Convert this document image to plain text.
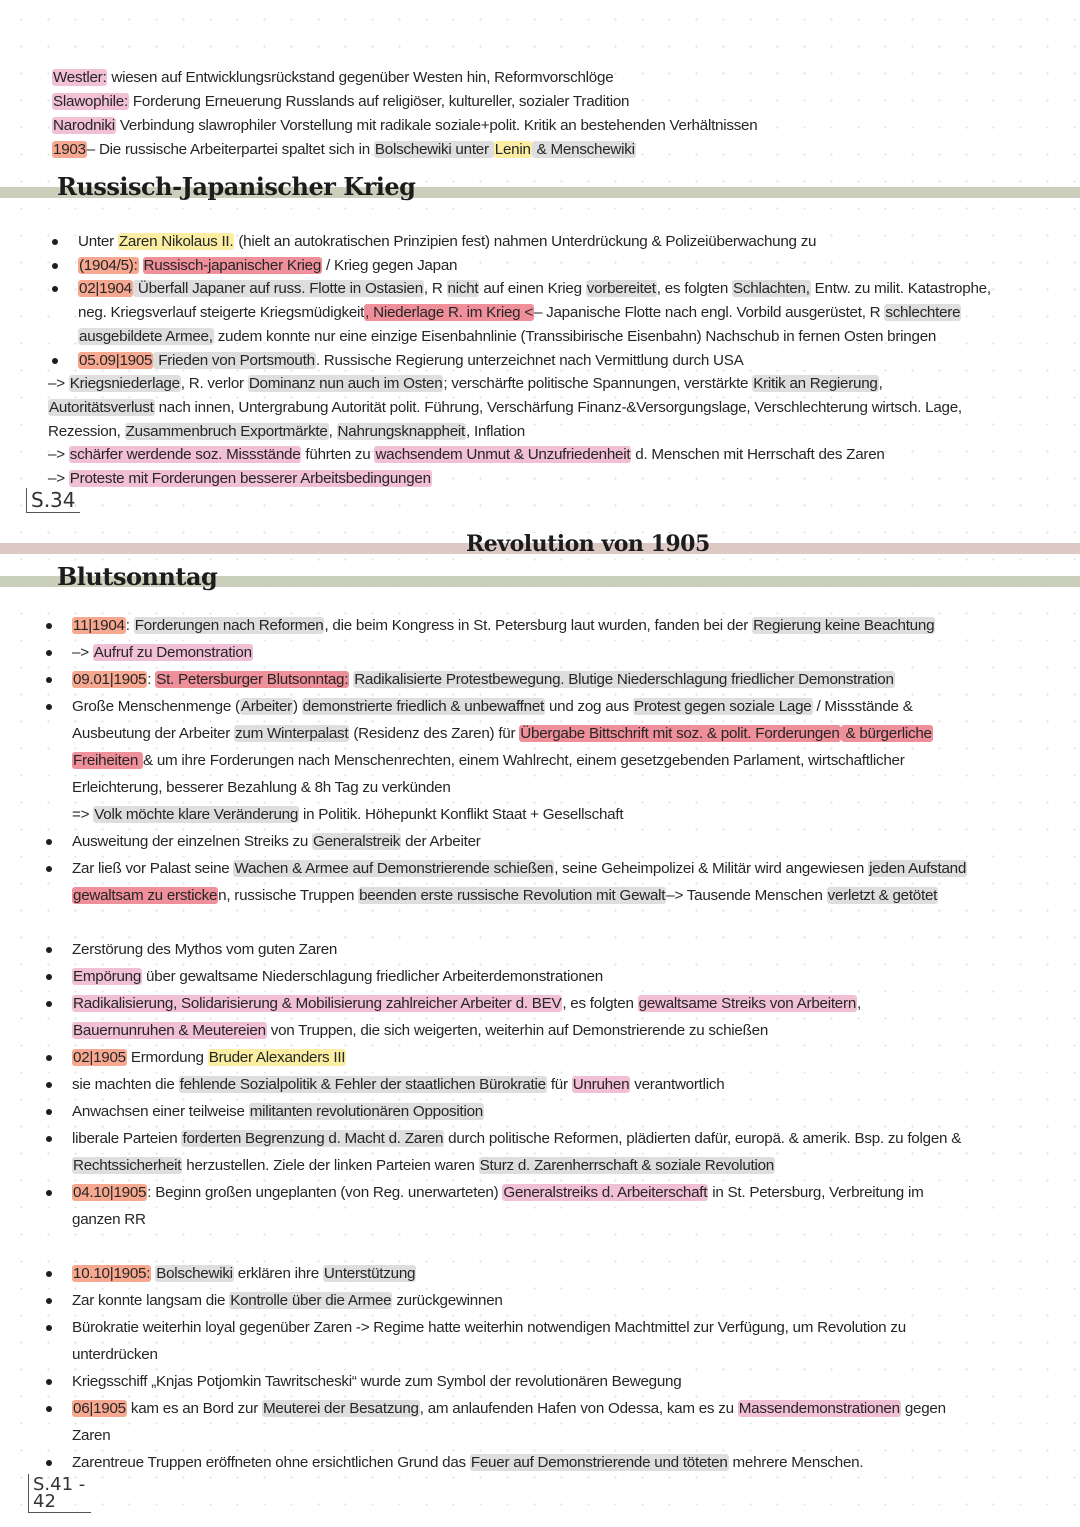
Westler: wiesen auf Entwicklungsrückstand gegenüber Westen hin, Reformvorschlöge
Slawophile: Forderung Erneuerung Russlands auf religiöser, kultureller, sozialer Tradition
Narodniki Verbindung slawrophiler Vorstellung mit radikale soziale+polit. Kritik an bestehenden Verhältnissen
1903– Die russische Arbeiterpartei spaltet sich in Bolschewiki unter Lenin & Menschewiki
Russisch-Japanischer Krieg
Unter Zaren Nikolaus II. (hielt an autokratischen Prinzipien fest) nahmen Unterdrückung & Polizeiüberwachung zu
(1904/5): Russisch-japanischer Krieg / Krieg gegen Japan
02|1904 Überfall Japaner auf russ. Flotte in Ostasien, R nicht auf einen Krieg vorbereitet, es folgten Schlachten, Entw. zu milit. Katastrophe,
neg. Kriegsverlauf steigerte Kriegsmüdigkeit, Niederlage R. im Krieg <– Japanische Flotte nach engl. Vorbild ausgerüstet, R schlechtere
ausgebildete Armee, zudem konnte nur eine einzige Eisenbahnlinie (Transsibirische Eisenbahn) Nachschub in fernen Osten bringen
05.09|1905 Frieden von Portsmouth. Russische Regierung unterzeichnet nach Vermittlung durch USA
–> Kriegsniederlage, R. verlor Dominanz nun auch im Osten; verschärfte politische Spannungen, verstärkte Kritik an Regierung,
Autoritätsverlust nach innen, Untergrabung Autorität polit. Führung, Verschärfung Finanz-&Versorgungslage, Verschlechterung wirtsch. Lage,
Rezession, Zusammenbruch Exportmärkte, Nahrungsknappheit, Inflation
–> schärfer werdende soz. Missstände führten zu wachsendem Unmut & Unzufriedenheit d. Menschen mit Herrschaft des Zaren
–> Proteste mit Forderungen besserer Arbeitsbedingungen
S.34
Revolution von 1905
Blutsonntag
11|1904: Forderungen nach Reformen, die beim Kongress in St. Petersburg laut wurden, fanden bei der Regierung keine Beachtung
–> Aufruf zu Demonstration
09.01|1905: St. Petersburger Blutsonntag: Radikalisierte Protestbewegung. Blutige Niederschlagung friedlicher Demonstration
Große Menschenmenge (Arbeiter) demonstrierte friedlich & unbewaffnet und zog aus Protest gegen soziale Lage / Missstände &
Ausbeutung der Arbeiter zum Winterpalast (Residenz des Zaren) für Übergabe Bittschrift mit soz. & polit. Forderungen & bürgerliche
Freiheiten & um ihre Forderungen nach Menschenrechten, einem Wahlrecht, einem gesetzgebenden Parlament, wirtschaftlicher
Erleichterung, besserer Bezahlung & 8h Tag zu verkünden
=> Volk möchte klare Veränderung in Politik. Höhepunkt Konflikt Staat + Gesellschaft
Ausweitung der einzelnen Streiks zu Generalstreik der Arbeiter
Zar ließ vor Palast seine Wachen & Armee auf Demonstrierende schießen, seine Geheimpolizei & Militär wird angewiesen jeden Aufstand
gewaltsam zu ersticken, russische Truppen beenden erste russische Revolution mit Gewalt–> Tausende Menschen verletzt & getötet
Zerstörung des Mythos vom guten Zaren
Empörung über gewaltsame Niederschlagung friedlicher Arbeiterdemonstrationen
Radikalisierung, Solidarisierung & Mobilisierung zahlreicher Arbeiter d. BEV, es folgten gewaltsame Streiks von Arbeitern,
Bauernunruhen & Meutereien von Truppen, die sich weigerten, weiterhin auf Demonstrierende zu schießen
02|1905 Ermordung Bruder Alexanders III
sie machten die fehlende Sozialpolitik & Fehler der staatlichen Bürokratie für Unruhen verantwortlich
Anwachsen einer teilweise militanten revolutionären Opposition
liberale Parteien forderten Begrenzung d. Macht d. Zaren durch politische Reformen, plädierten dafür, europä. & amerik. Bsp. zu folgen &
Rechtssicherheit herzustellen. Ziele der linken Parteien waren Sturz d. Zarenherrschaft & soziale Revolution
04.10|1905: Beginn großen ungeplanten (von Reg. unerwarteten) Generalstreiks d. Arbeiterschaft in St. Petersburg, Verbreitung im
ganzen RR
10.10|1905: Bolschewiki erklären ihre Unterstützung
Zar konnte langsam die Kontrolle über die Armee zurückgewinnen
Bürokratie weiterhin loyal gegenüber Zaren -> Regime hatte weiterhin notwendigen Machtmittel zur Verfügung, um Revolution zu
unterdrücken
Kriegsschiff „Knjas Potjomkin Tawritscheski“ wurde zum Symbol der revolutionären Bewegung
06|1905 kam es an Bord zur Meuterei der Besatzung, am anlaufenden Hafen von Odessa, kam es zu Massendemonstrationen gegen
Zaren
Zarentreue Truppen eröffneten ohne ersichtlichen Grund das Feuer auf Demonstrierende und töteten mehrere Menschen.
S.41 - 42
